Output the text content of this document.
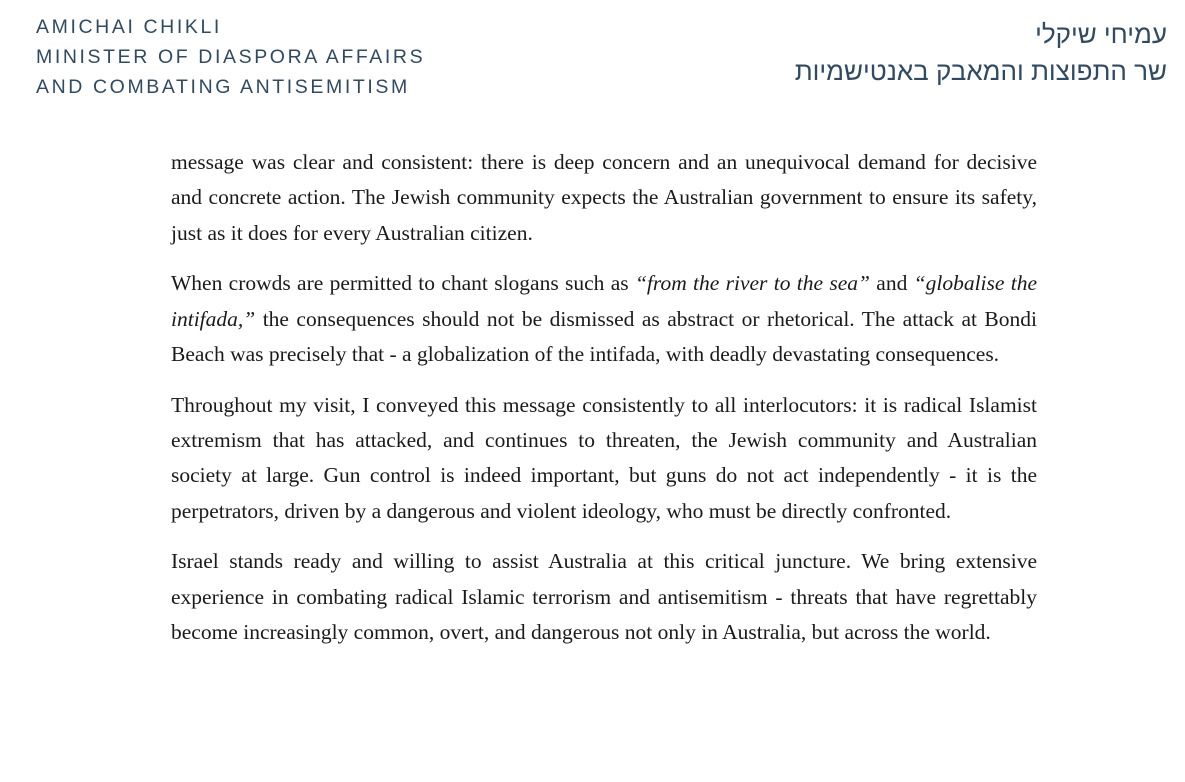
AMICHAI CHIKLI
MINISTER OF DIASPORA AFFAIRS
AND COMBATING ANTISEMITISM
עמיחי שיקלי
שר התפוצות והמאבק באנטישמיות

message was clear and consistent: there is deep concern and an unequivocal demand for decisive and concrete action. The Jewish community expects the Australian government to ensure its safety, just as it does for every Australian citizen.

When crowds are permitted to chant slogans such as “from the river to the sea” and “globalise the intifada,” the consequences should not be dismissed as abstract or rhetorical. The attack at Bondi Beach was precisely that - a globalization of the intifada, with deadly devastating consequences.

Throughout my visit, I conveyed this message consistently to all interlocutors: it is radical Islamist extremism that has attacked, and continues to threaten, the Jewish community and Australian society at large. Gun control is indeed important, but guns do not act independently - it is the perpetrators, driven by a dangerous and violent ideology, who must be directly confronted.

Israel stands ready and willing to assist Australia at this critical juncture. We bring extensive experience in combating radical Islamic terrorism and antisemitism - threats that have regrettably become increasingly common, overt, and dangerous not only in Australia, but across the world.
